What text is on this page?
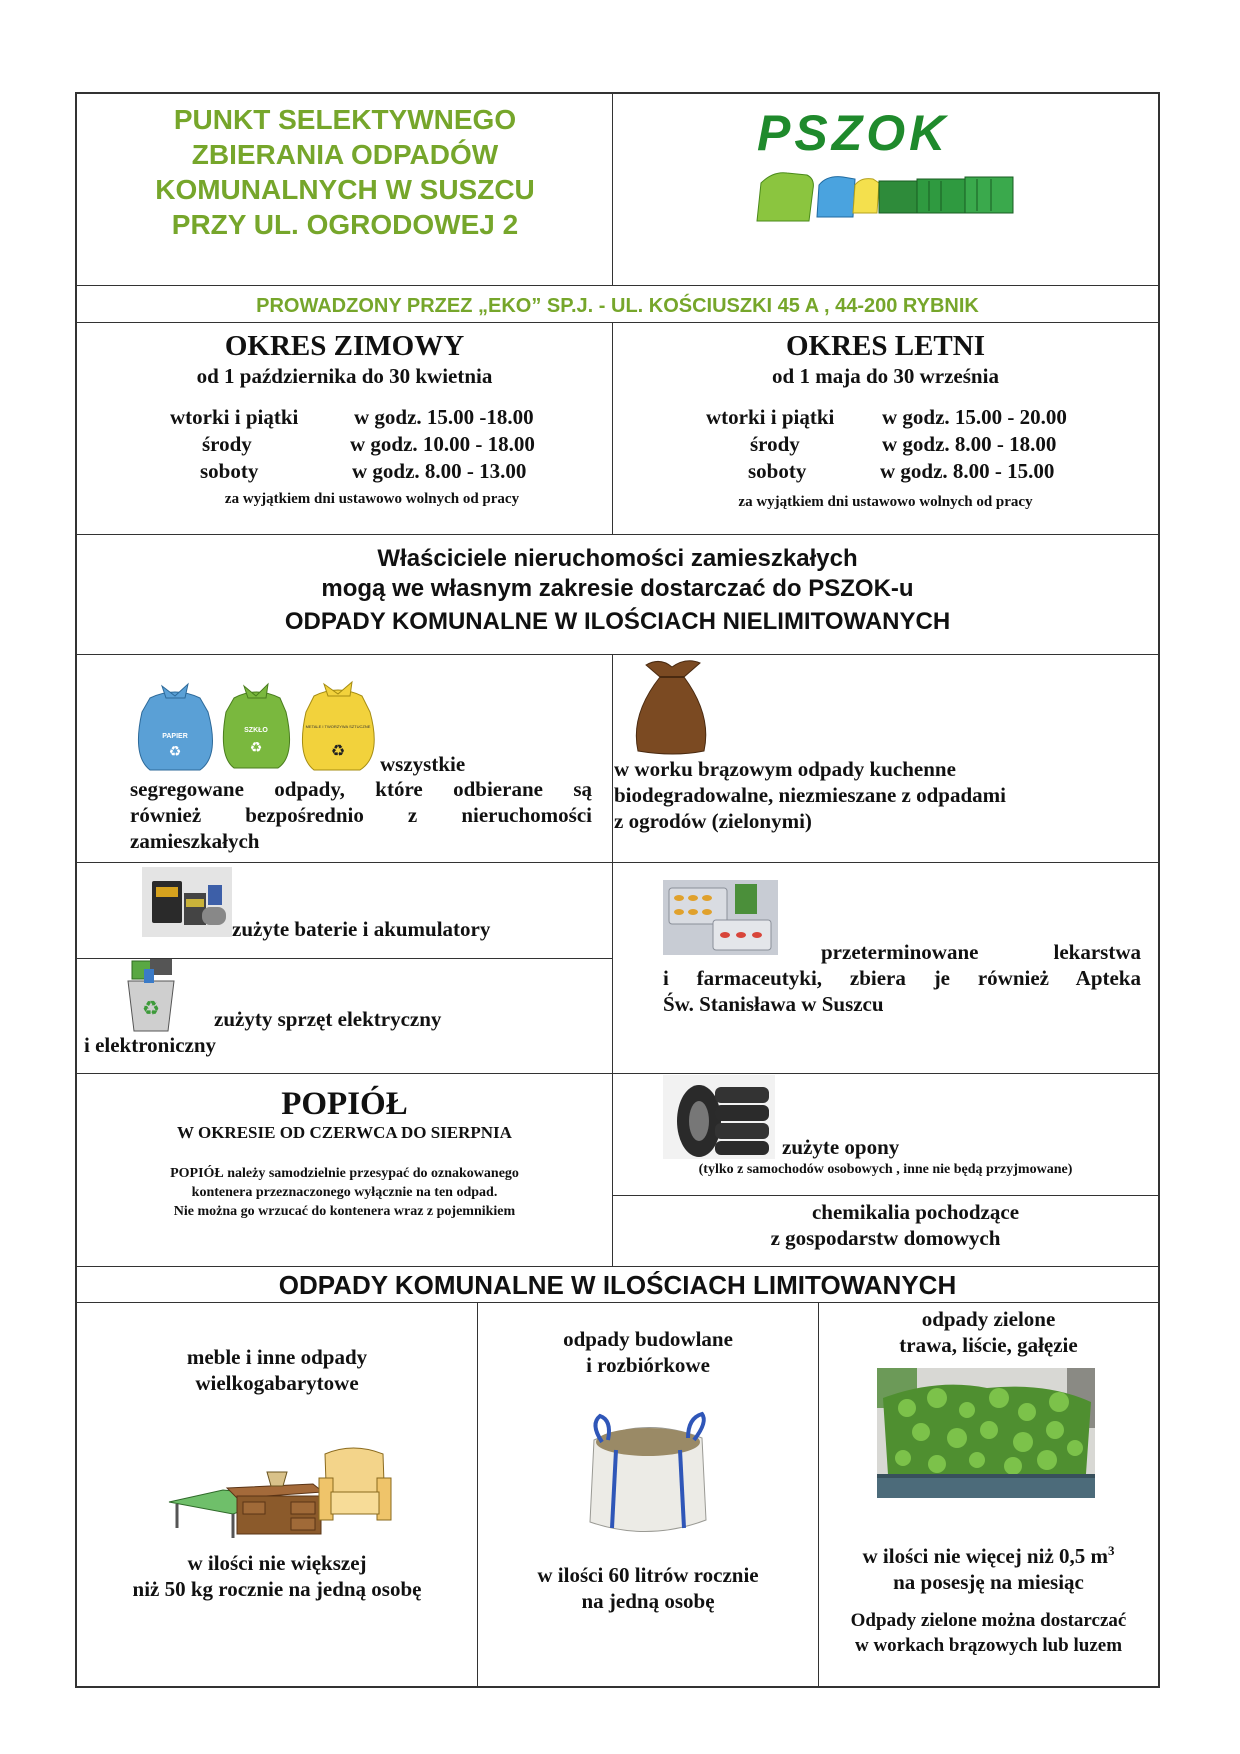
PUNKT SELEKTYWNEGO
ZBIERANIA ODPADÓW
KOMUNALNYCH W SUSZCU
PRZY UL. OGRODOWEJ 2
PSZOK
PROWADZONY PRZEZ „EKO” SP.J. - UL. KOŚCIUSZKI 45 A , 44-200 RYBNIK
OKRES ZIMOWY
od 1 października do 30 kwietnia
wtorki i piątki	w godz. 15.00 -18.00
środy	w godz. 10.00 - 18.00
soboty	w godz. 8.00 - 13.00
za wyjątkiem dni ustawowo wolnych od pracy
OKRES LETNI
od 1 maja do 30 września
wtorki i piątki w godz. 15.00 - 20.00
środy	w godz. 8.00 - 18.00
soboty	w godz. 8.00 - 15.00
za wyjątkiem dni ustawowo wolnych od pracy
Właściciele nieruchomości zamieszkałych
mogą we własnym zakresie dostarczać do PSZOK-u
ODPADY KOMUNALNE W ILOŚCIACH NIELIMITOWANYCH
PAPIER
♻
SZKŁO
♻
METALE I TWORZYWA SZTUCZNE
♻
wszystkie
segregowane odpady, które odbierane są
również bezpośrednio z nieruchomości
zamieszkałych
w worku brązowym odpady kuchenne
biodegradowalne, niezmieszane z odpadami
z ogrodów (zielonymi)
zużyte baterie i akumulatory
♻	zużyty sprzęt elektryczny
i elektroniczny
przeterminowane lekarstwa
i farmaceutyki, zbiera je również Apteka
Św. Stanisława w Suszcu
POPIÓŁ
W OKRESIE OD CZERWCA DO SIERPNIA
POPIÓŁ należy samodzielnie przesypać do oznakowanego
kontenera przeznaczonego wyłącznie na ten odpad.
Nie można go wrzucać do kontenera wraz z pojemnikiem
zużyte opony
(tylko z samochodów osobowych , inne nie będą przyjmowane)
chemikalia pochodzące
z gospodarstw domowych
ODPADY KOMUNALNE W ILOŚCIACH LIMITOWANYCH
meble i inne odpady
wielkogabarytowe
w ilości nie większej
niż 50 kg rocznie na jedną osobę
odpady budowlane
i rozbiórkowe
w ilości 60 litrów rocznie
na jedną osobę
odpady zielone
trawa, liście, gałęzie
w ilości nie więcej niż 0,5 $m^3$
na posesję na miesiąc
Odpady zielone można dostarczać
w workach brązowych lub luzem
